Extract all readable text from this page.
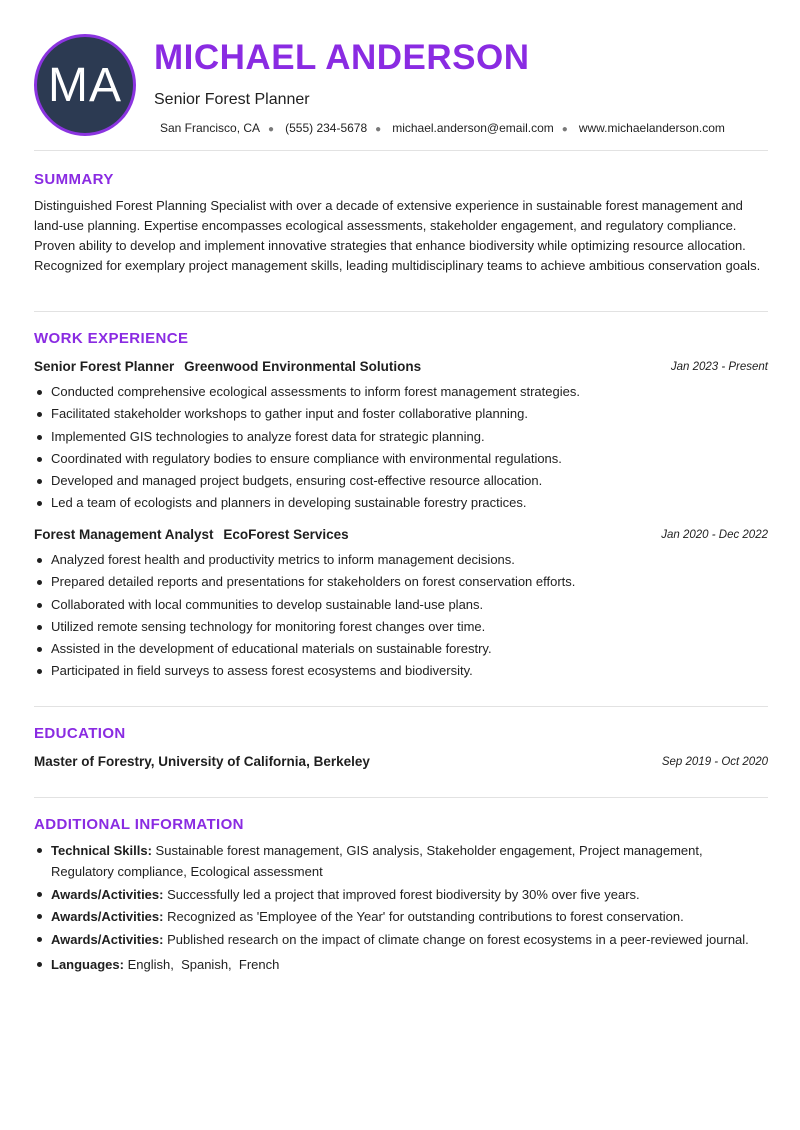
MA
MICHAEL ANDERSON
Senior Forest Planner
San Francisco, CA ● (555) 234-5678 ● michael.anderson@email.com ● www.michaelanderson.com
SUMMARY
Distinguished Forest Planning Specialist with over a decade of extensive experience in sustainable forest management and land-use planning. Expertise encompasses ecological assessments, stakeholder engagement, and regulatory compliance. Proven ability to develop and implement innovative strategies that enhance biodiversity while optimizing resource allocation. Recognized for exemplary project management skills, leading multidisciplinary teams to achieve ambitious conservation goals.
WORK EXPERIENCE
Senior Forest Planner Greenwood Environmental Solutions	Jan 2023 - Present
Conducted comprehensive ecological assessments to inform forest management strategies.
Facilitated stakeholder workshops to gather input and foster collaborative planning.
Implemented GIS technologies to analyze forest data for strategic planning.
Coordinated with regulatory bodies to ensure compliance with environmental regulations.
Developed and managed project budgets, ensuring cost-effective resource allocation.
Led a team of ecologists and planners in developing sustainable forestry practices.
Forest Management Analyst EcoForest Services	Jan 2020 - Dec 2022
Analyzed forest health and productivity metrics to inform management decisions.
Prepared detailed reports and presentations for stakeholders on forest conservation efforts.
Collaborated with local communities to develop sustainable land-use plans.
Utilized remote sensing technology for monitoring forest changes over time.
Assisted in the development of educational materials on sustainable forestry.
Participated in field surveys to assess forest ecosystems and biodiversity.
EDUCATION
Master of Forestry, University of California, Berkeley	Sep 2019 - Oct 2020
ADDITIONAL INFORMATION
Technical Skills: Sustainable forest management, GIS analysis, Stakeholder engagement, Project management, Regulatory compliance, Ecological assessment
Awards/Activities: Successfully led a project that improved forest biodiversity by 30% over five years.
Awards/Activities: Recognized as 'Employee of the Year' for outstanding contributions to forest conservation.
Awards/Activities: Published research on the impact of climate change on forest ecosystems in a peer-reviewed journal.
Languages: English,  Spanish,  French
